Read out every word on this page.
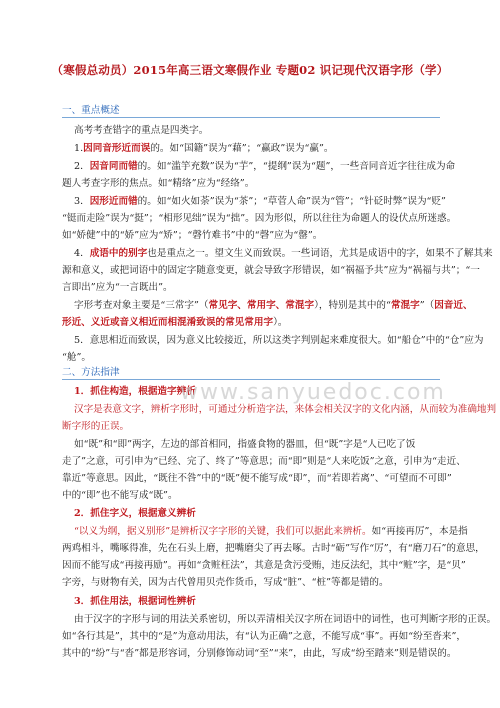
（寒假总动员）2015年高三语文寒假作业 专题02 识记现代汉语字形（学）
一、重点概述
高考考查错字的重点是四类字。
1.因同音形近而误的。如“国籍”误为“藉”；“赢政”误为“赢”。
2．因音同而错的。如“滥竽充数”误为“芋”，“提纲”误为“题”，一些音同音近字往往成为命
题人考查字形的焦点。如“精络”应为“经络”。
3．因形近而错的。如“如火如荼”误为“茶”；“草菅人命”误为“管”；“针砭时弊”误为“贬”
“铤而走险”误为“挺”；“相形见绌”误为“拙”。因为形似，所以往往为命题人的设伏点所迷惑。
如“娇健”中的“娇”应为“矫”；“磬竹难书”中的“磬”应为“罄”。
4．成语中的别字也是重点之一。望文生义而致误。一些词语，尤其是成语中的字，如果不了解其来
源和意义，或把词语中的固定字随意变更，就会导致字形错误，如“祸福予共”应为“祸福与共”；“一
言即出”应为“一言既出”。
字形考查对象主要是“三常字”（常见字、常用字、常混字），特别是其中的“常混字”（因音近、
形近、义近或音义相近而相混淆致误的常见常用字）。
5．意思相近而致误，因为意义比较接近，所以这类字判别起来难度很大。如“船仓”中的“仓”应为
“舱”。
二、方法指津
1．抓住构造，根据造字辨析
汉字是表意文字，辨析字形时，可通过分析造字法，来体会相关汉字的文化内涵，从而较为准确地判
断字形的正误。
如“既”和“即”两字，左边的部首相同，指盛食物的器皿，但“既”字是“人已吃了饭
走了”之意，可引申为“已经、完了、终了”等意思；而“即”则是“人来吃饭”之意，引申为“走近、
靠近”等意思。因此，“既往不咎”中的“既”便不能写成“即”，而“若即若离”、“可望而不可即”
中的“即”也不能写成“既”。
2．抓住字义，根据意义辨析
“以义为纲，据义别形”是辨析汉字字形的关键，我们可以据此来辨析。如“再接再厉”，本是指
两鸡相斗，嘴啄得准，先在石头上磨，把嘴磨尖了再去啄。古时“砺”写作“厉”，有“磨刀石”的意思，
因而不能写成“再接再励”。再如“贪赃枉法”，其意是贪污受贿，违反法纪，其中“赃”字，是“贝”
字旁，与财物有关，因为古代曾用贝壳作货币，写成“脏”、“桩”等都是错的。
3．抓住用法，根据词性辨析
由于汉字的字形与词的用法关系密切，所以弄清相关汉字所在词语中的词性，也可判断字形的正误。
如“各行其是”，其中的“是”为意动用法，有“认为正确”之意，不能写成“事”。再如“纷至沓来”，
其中的“纷”与“沓”都是形容词，分别修饰动词“至”“来”，由此，写成“纷至踏来”则是错误的。
www.sanyuedoc.com
